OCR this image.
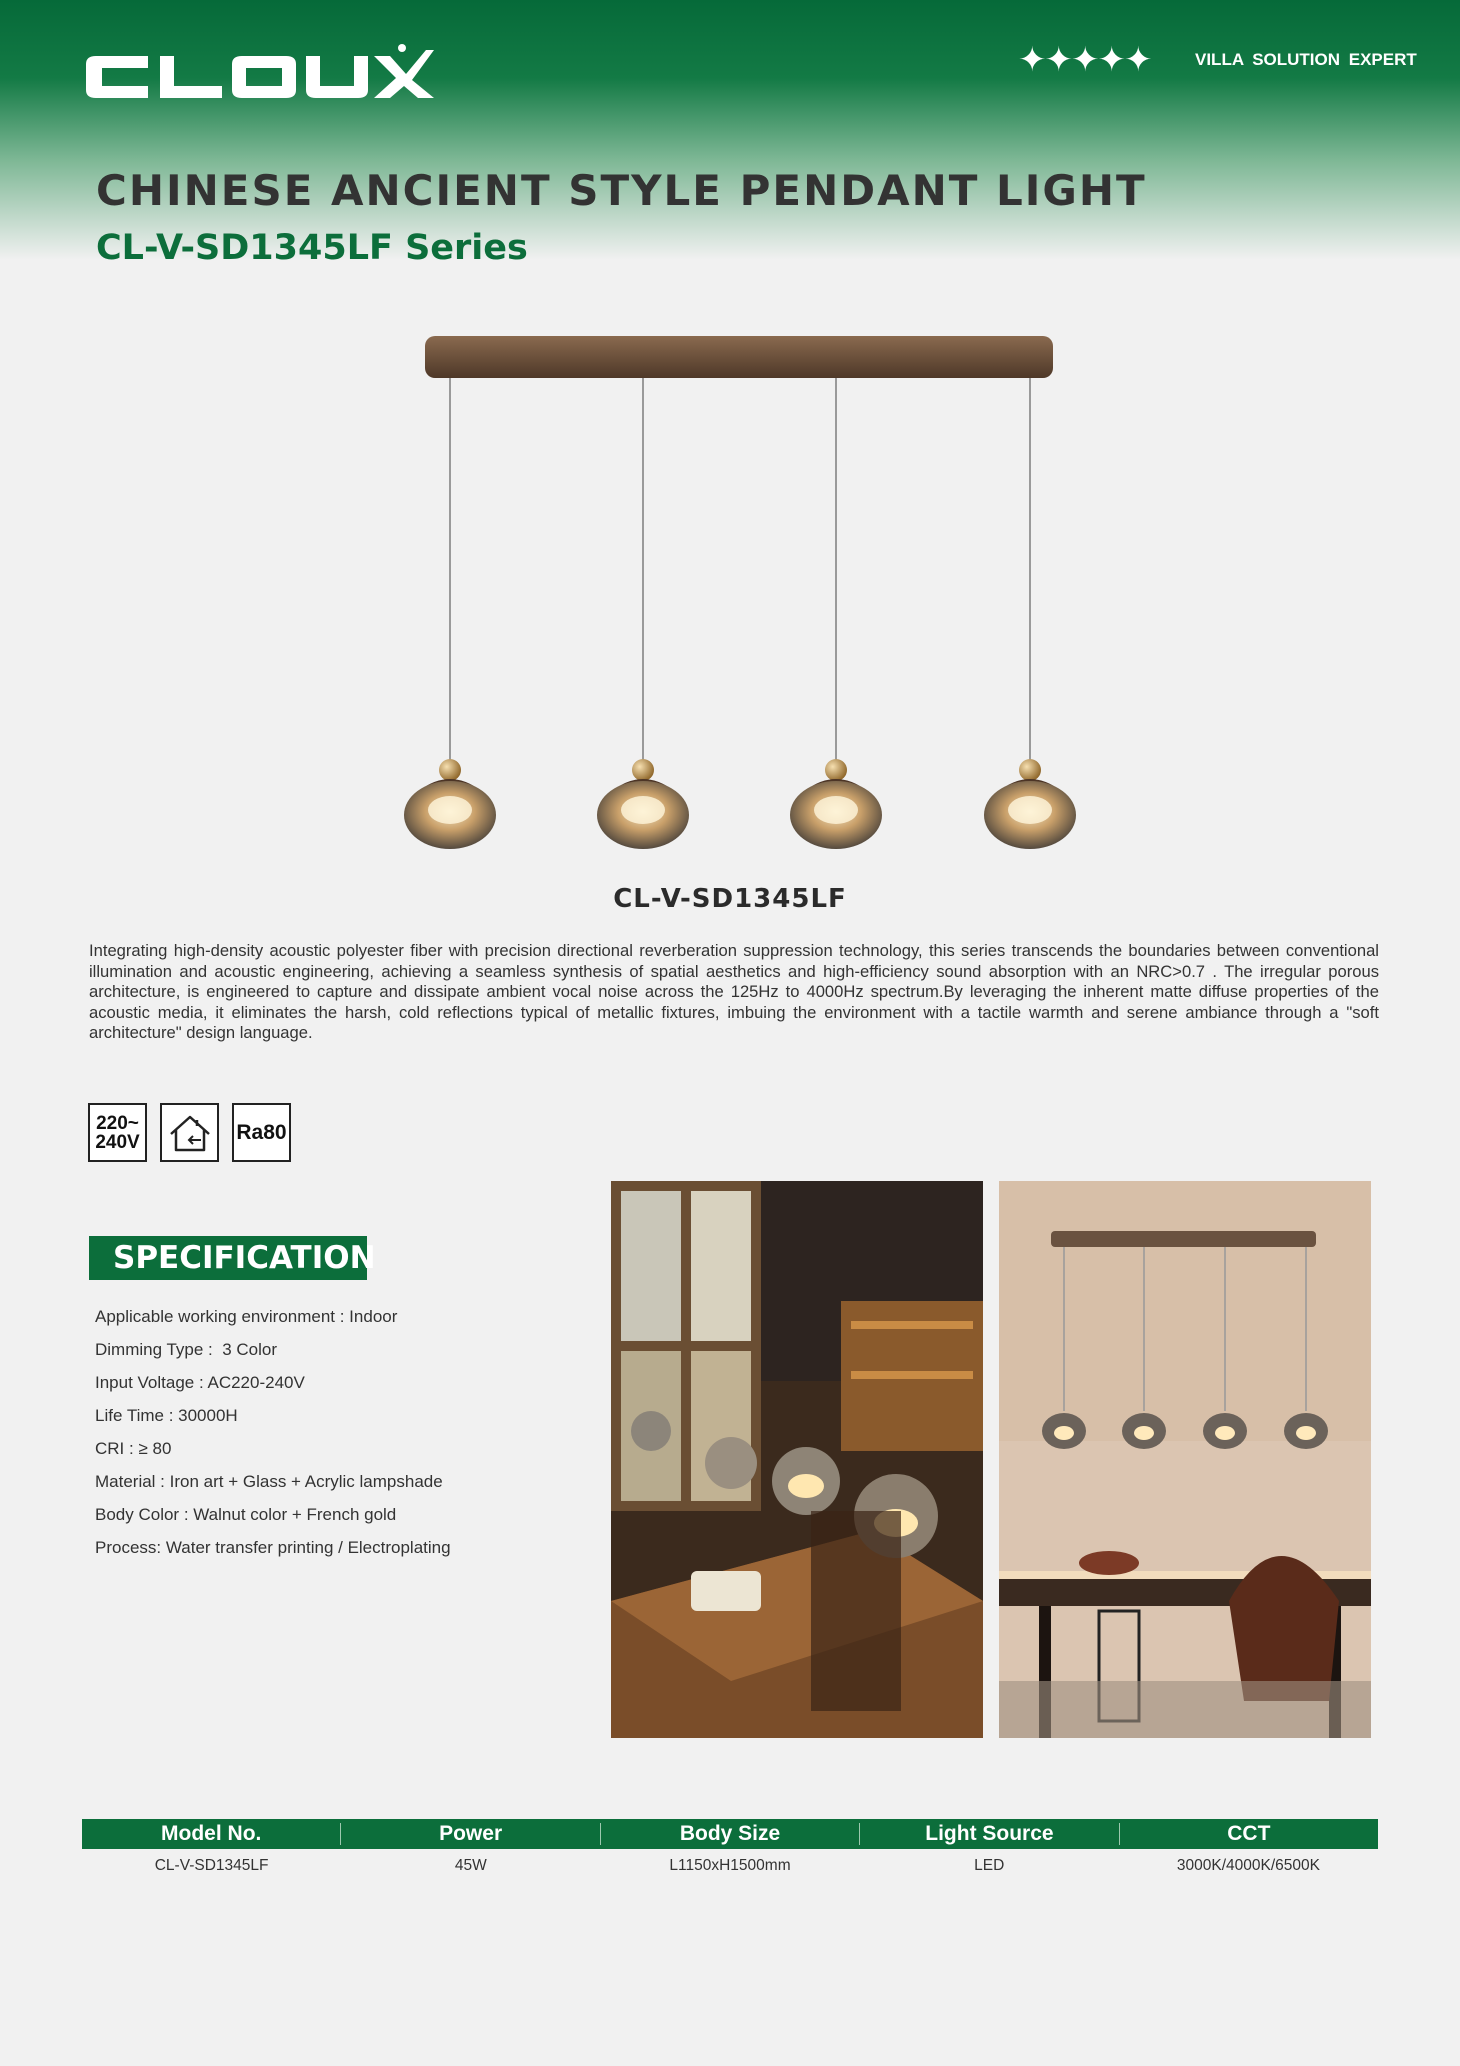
CLOUX	✦✦✦✦✦	VILLA SOLUTION EXPERT
CHINESE ANCIENT STYLE PENDANT LIGHT
CL-V-SD1345LF Series
CL-V-SD1345LF
Integrating high-density acoustic polyester fiber with precision directional reverberation suppression technology, this series transcends the boundaries between conventional illumination and acoustic engineering, achieving a seamless synthesis of spatial aesthetics and high-efficiency sound absorption with an NRC>0.7 . The irregular porous architecture, is engineered to capture and dissipate ambient vocal noise across the 125Hz to 4000Hz spectrum.By leveraging the inherent matte diffuse properties of the acoustic media, it eliminates the harsh, cold reflections typical of metallic fixtures, imbuing the environment with a tactile warmth and serene ambiance through a "soft architecture" design language.
220~
240V	Ra80
SPECIFICATION
Applicable working environment : Indoor
Dimming Type :  3 Color
Input Voltage : AC220-240V
Life Time : 30000H
CRI : ≥ 80
Material : Iron art + Glass + Acrylic lampshade
Body Color : Walnut color + French gold
Process: Water transfer printing / Electroplating
Model No.	Power	Body Size	Light Source	CCT
CL-V-SD1345LF	45W	L1150xH1500mm	LED	3000K/4000K/6500K
